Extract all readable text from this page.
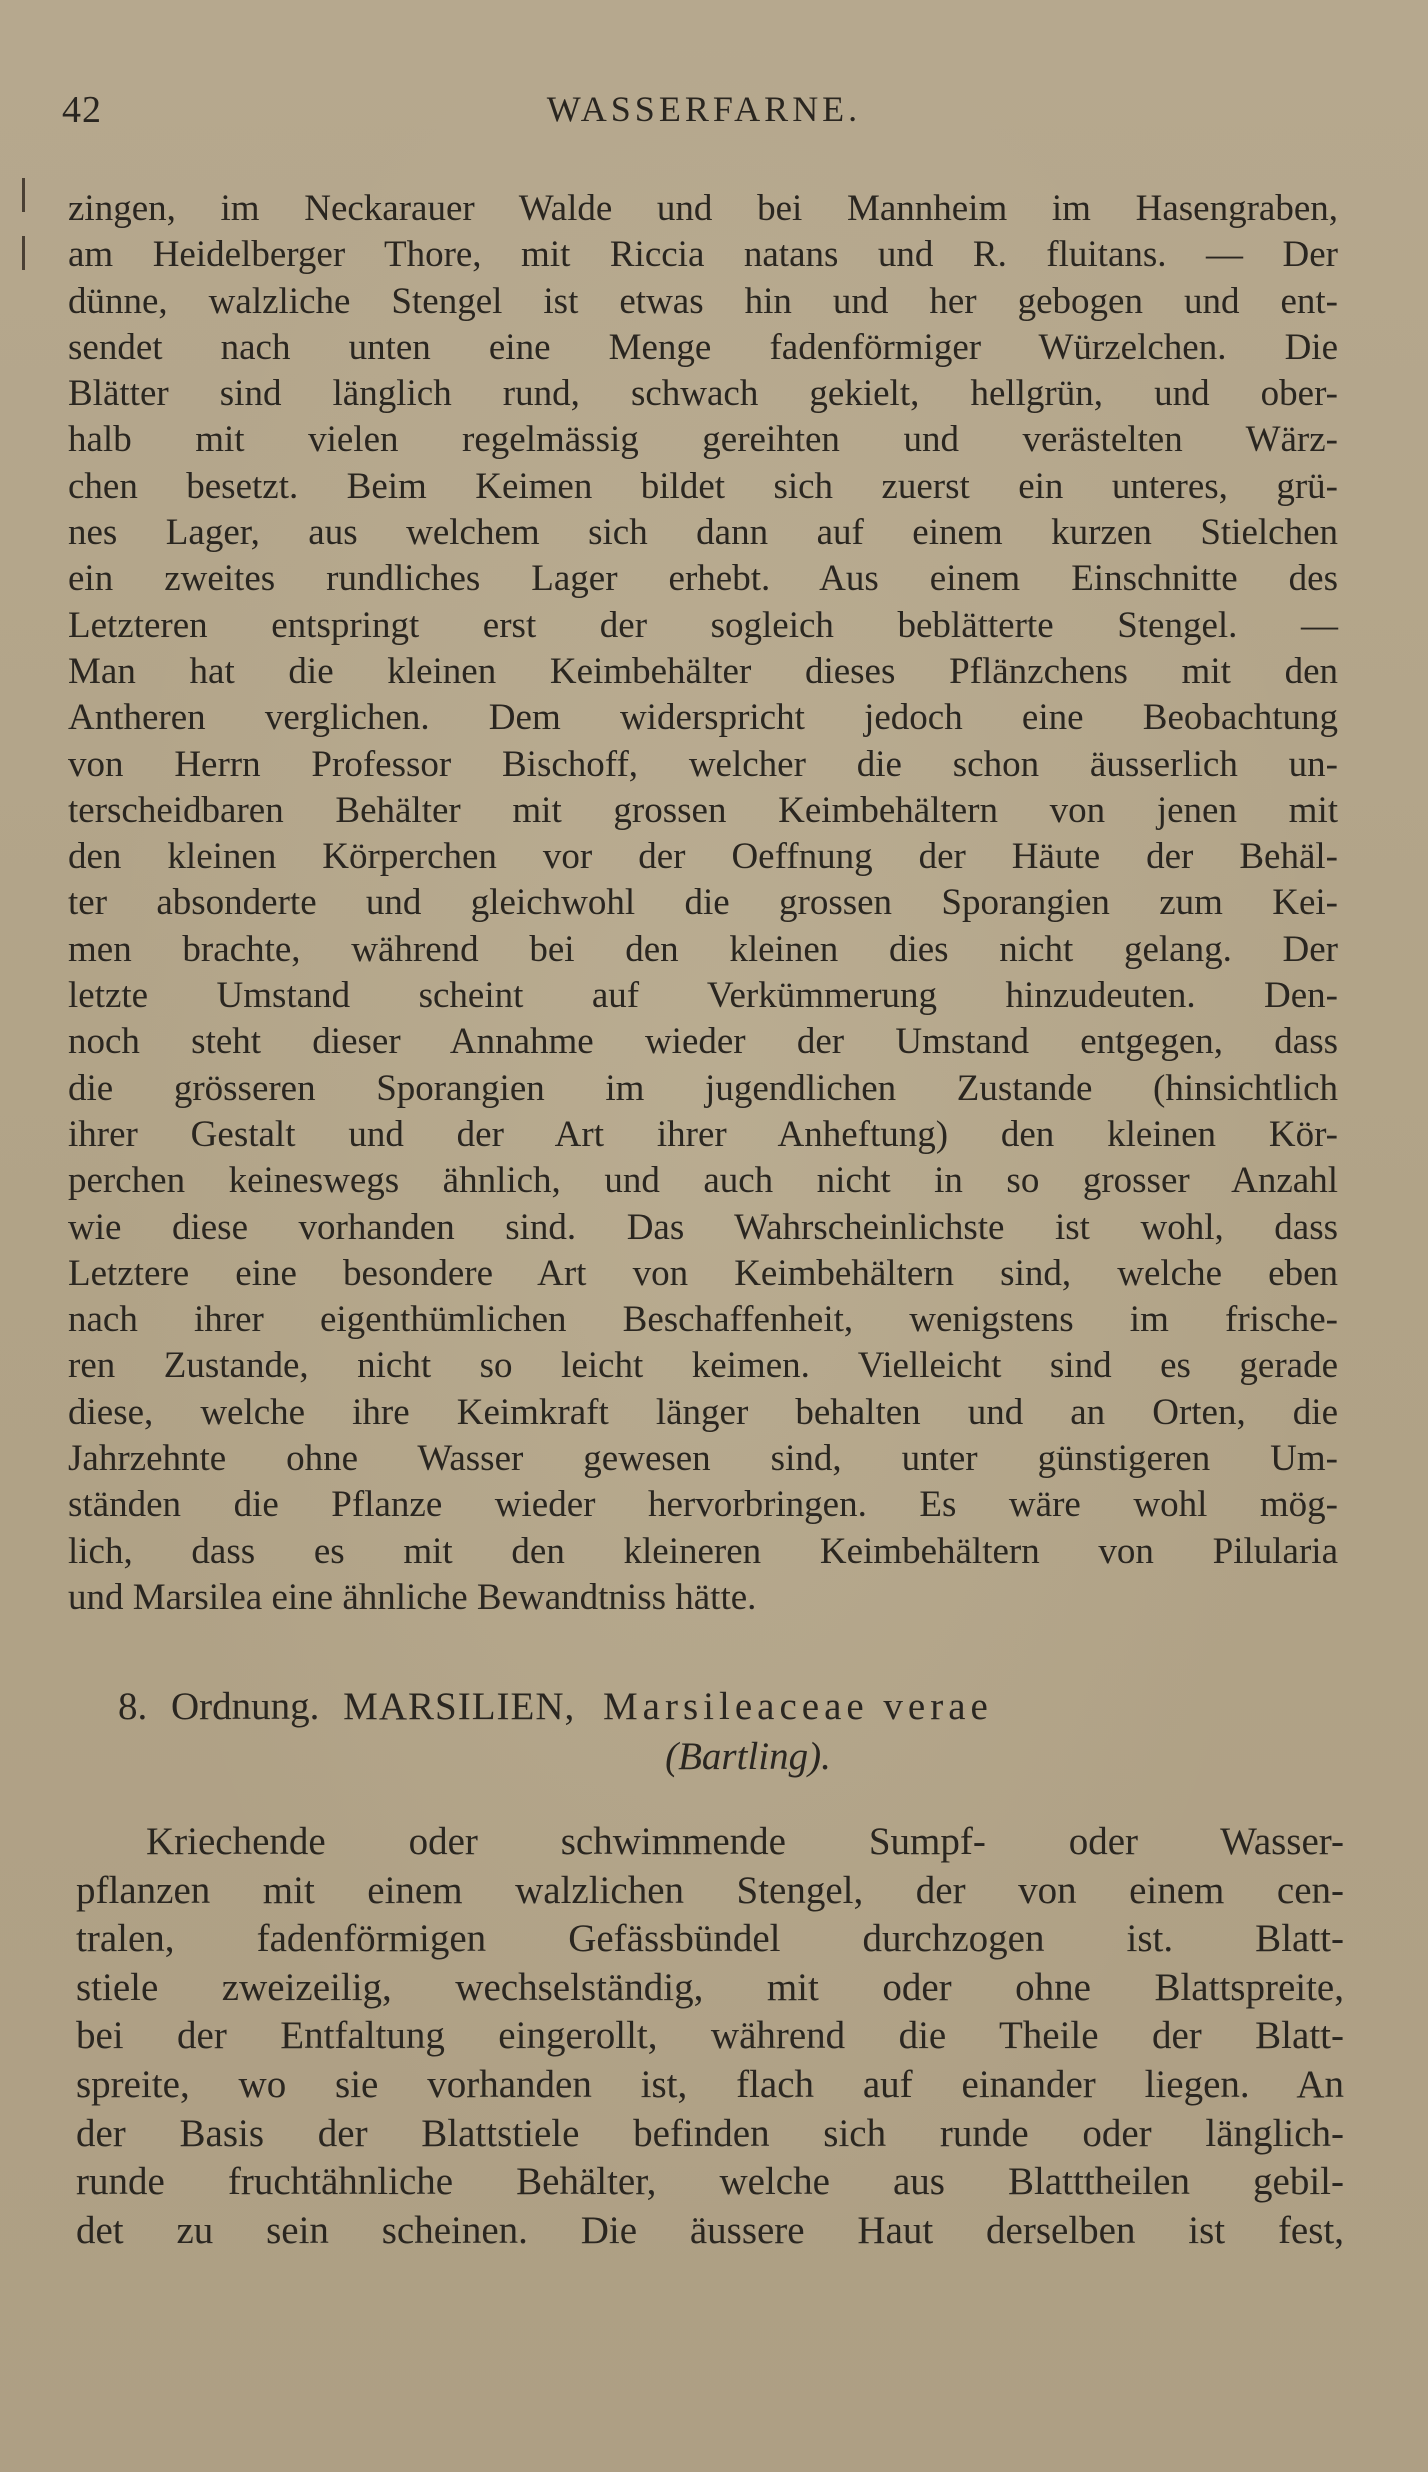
42	WASSERFARNE.
zingen, im Neckarauer Walde und bei Mannheim im Hasengraben,
am Heidelberger Thore, mit Riccia natans und R. fluitans. — Der
dünne, walzliche Stengel ist etwas hin und her gebogen und ent-
sendet nach unten eine Menge fadenförmiger Würzelchen. Die
Blätter sind länglich rund, schwach gekielt, hellgrün, und ober-
halb mit vielen regelmässig gereihten und verästelten Wärz-
chen besetzt. Beim Keimen bildet sich zuerst ein unteres, grü-
nes Lager, aus welchem sich dann auf einem kurzen Stielchen
ein zweites rundliches Lager erhebt. Aus einem Einschnitte des
Letzteren entspringt erst der sogleich beblätterte Stengel. —
Man hat die kleinen Keimbehälter dieses Pflänzchens mit den
Antheren verglichen. Dem widerspricht jedoch eine Beobachtung
von Herrn Professor Bischoff, welcher die schon äusserlich un-
terscheidbaren Behälter mit grossen Keimbehältern von jenen mit
den kleinen Körperchen vor der Oeffnung der Häute der Behäl-
ter absonderte und gleichwohl die grossen Sporangien zum Kei-
men brachte, während bei den kleinen dies nicht gelang. Der
letzte Umstand scheint auf Verkümmerung hinzudeuten. Den-
noch steht dieser Annahme wieder der Umstand entgegen, dass
die grösseren Sporangien im jugendlichen Zustande (hinsichtlich
ihrer Gestalt und der Art ihrer Anheftung) den kleinen Kör-
perchen keineswegs ähnlich, und auch nicht in so grosser Anzahl
wie diese vorhanden sind. Das Wahrscheinlichste ist wohl, dass
Letztere eine besondere Art von Keimbehältern sind, welche eben
nach ihrer eigenthümlichen Beschaffenheit, wenigstens im frische-
ren Zustande, nicht so leicht keimen. Vielleicht sind es gerade
diese, welche ihre Keimkraft länger behalten und an Orten, die
Jahrzehnte ohne Wasser gewesen sind, unter günstigeren Um-
ständen die Pflanze wieder hervorbringen. Es wäre wohl mög-
lich, dass es mit den kleineren Keimbehältern von Pilularia
und Marsilea eine ähnliche Bewandtniss hätte.
8. Ordnung. MARSILIEN, Marsileaceae verae
(Bartling).
Kriechende oder schwimmende Sumpf- oder Wasser-
pflanzen mit einem walzlichen Stengel, der von einem cen-
tralen, fadenförmigen Gefässbündel durchzogen ist. Blatt-
stiele zweizeilig, wechselständig, mit oder ohne Blattspreite,
bei der Entfaltung eingerollt, während die Theile der Blatt-
spreite, wo sie vorhanden ist, flach auf einander liegen. An
der Basis der Blattstiele befinden sich runde oder länglich-
runde fruchtähnliche Behälter, welche aus Blatttheilen gebil-
det zu sein scheinen. Die äussere Haut derselben ist fest,
